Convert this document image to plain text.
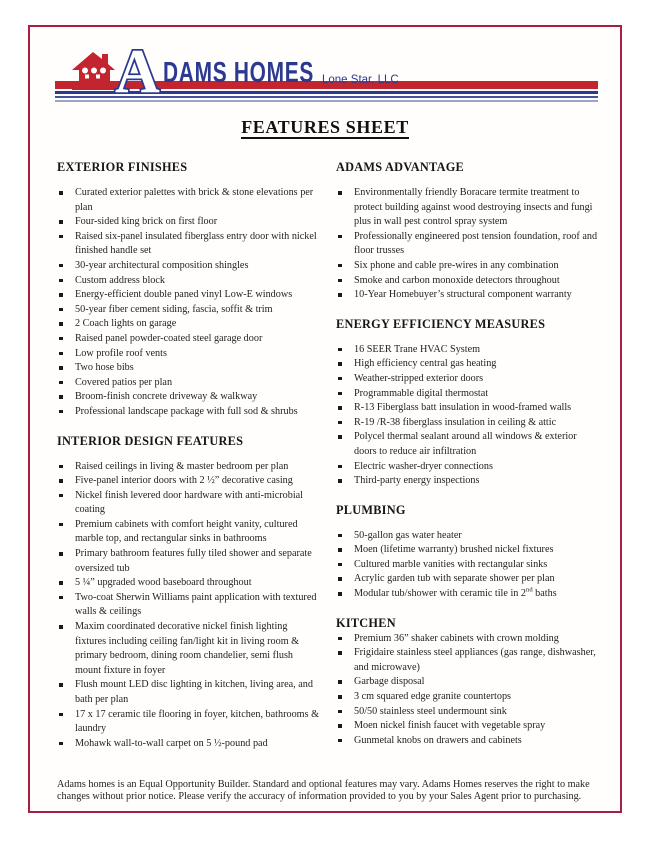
A DAMS HOMES Lone Star, LLC
FEATURES SHEET
EXTERIOR FINISHES
Curated exterior palettes with brick & stone elevations per plan
Four-sided king brick on first floor
Raised six-panel insulated fiberglass entry door with nickel finished handle set
30-year architectural composition shingles
Custom address block
Energy-efficient double paned vinyl Low-E windows
50-year fiber cement siding, fascia, soffit & trim
2 Coach lights on garage
Raised panel powder-coated steel garage door
Low profile roof vents
Two hose bibs
Covered patios per plan
Broom-finish concrete driveway & walkway
Professional landscape package with full sod & shrubs
INTERIOR DESIGN FEATURES
Raised ceilings in living & master bedroom per plan
Five-panel interior doors with 2 ½” decorative casing
Nickel finish levered door hardware with anti-microbial coating
Premium cabinets with comfort height vanity, cultured marble top, and rectangular sinks in bathrooms
Primary bathroom features fully tiled shower and separate oversized tub
5 ¼” upgraded wood baseboard throughout
Two-coat Sherwin Williams paint application with textured walls & ceilings
Maxim coordinated decorative nickel finish lighting fixtures including ceiling fan/light kit in living room & primary bedroom, dining room chandelier, semi flush mount fixture in foyer
Flush mount LED disc lighting in kitchen, living area, and bath per plan
17 x 17 ceramic tile flooring in foyer, kitchen, bathrooms & laundry
Mohawk wall-to-wall carpet on 5 ½-pound pad
ADAMS ADVANTAGE
Environmentally friendly Boracare termite treatment to protect building against wood destroying insects and fungi plus in wall pest control spray system
Professionally engineered post tension foundation, roof and floor trusses
Six phone and cable pre-wires in any combination
Smoke and carbon monoxide detectors throughout
10-Year Homebuyer’s structural component warranty
ENERGY EFFICIENCY MEASURES
16 SEER Trane HVAC System
High efficiency central gas heating
Weather-stripped exterior doors
Programmable digital thermostat
R-13 Fiberglass batt insulation in wood-framed walls
R-19 /R-38 fiberglass insulation in ceiling & attic
Polycel thermal sealant around all windows & exterior doors to reduce air infiltration
Electric washer-dryer connections
Third-party energy inspections
PLUMBING
50-gallon gas water heater
Moen (lifetime warranty) brushed nickel fixtures
Cultured marble vanities with rectangular sinks
Acrylic garden tub with separate shower per plan
Modular tub/shower with ceramic tile in 2nd baths
KITCHEN
Premium 36” shaker cabinets with crown molding
Frigidaire stainless steel appliances (gas range, dishwasher, and microwave)
Garbage disposal
3 cm squared edge granite countertops
50/50 stainless steel undermount sink
Moen nickel finish faucet with vegetable spray
Gunmetal knobs on drawers and cabinets
Adams homes is an Equal Opportunity Builder. Standard and optional features may vary. Adams Homes reserves the right to make changes without prior notice. Please verify the accuracy of information provided to you by your Sales Agent prior to purchasing.
